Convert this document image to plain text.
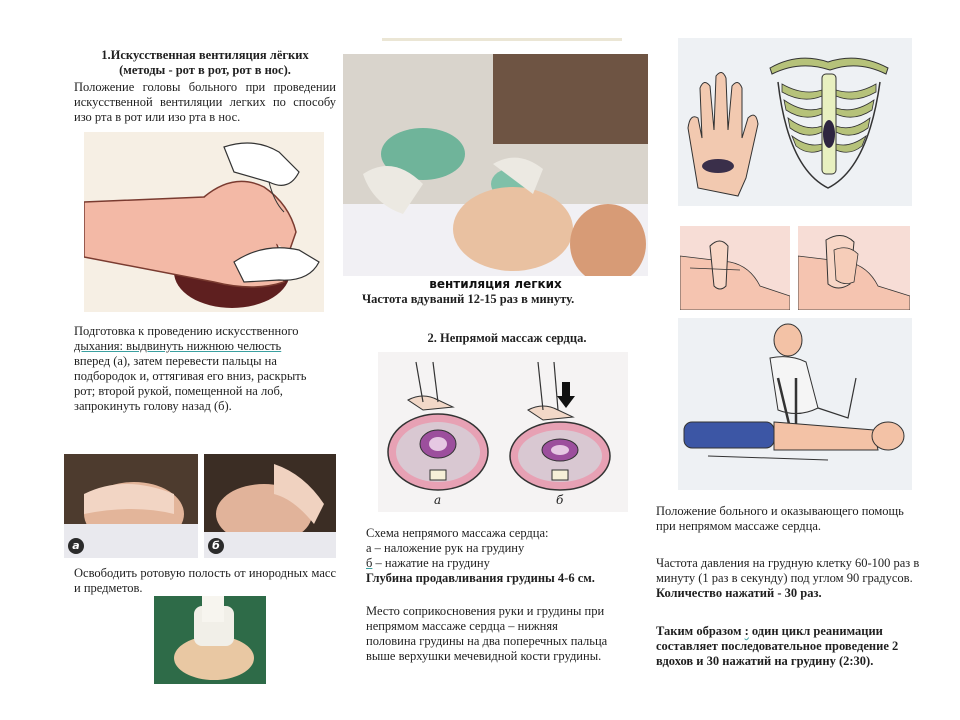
1.Искусственная вентиляция лёгких

(методы - рот в рот, рот в нос).

Положение головы больного при проведении искусственной вентиляции легких по способу изо рта в рот или изо рта в нос.

Подготовка к проведению искусственного
дыхания: выдвинуть нижнюю челюсть
вперед (а), затем перевести пальцы на
подбородок и, оттягивая его вниз, раскрыть
рот; второй рукой, помещенной на лоб,
запрокинуть голову назад (б).
а	б

Освободить ротовую полость от инородных масс и предметов.

вентиляция легких

Частота вдуваний 12-15 раз в минуту.

2. Непрямой массаж сердца.

а	б
Схема непрямого массажа сердца:
а – наложение рук на грудину
б – нажатие на грудину
Глубина продавливания грудины 4-6 см.
Место соприкосновения руки и грудины при
непрямом массаже сердца – нижняя
половина грудины на два поперечных пальца
выше верхушки мечевидной кости грудины.

Положение больного и оказывающего помощь при непрямом массаже сердца.

Частота давления на грудную клетку 60-100 раз в минуту (1 раз в секунду) под углом 90 градусов. Количество нажатий - 30 раз.

Таким образом : один цикл реанимации составляет последовательное проведение 2 вдохов и 30 нажатий на грудину (2:30).
